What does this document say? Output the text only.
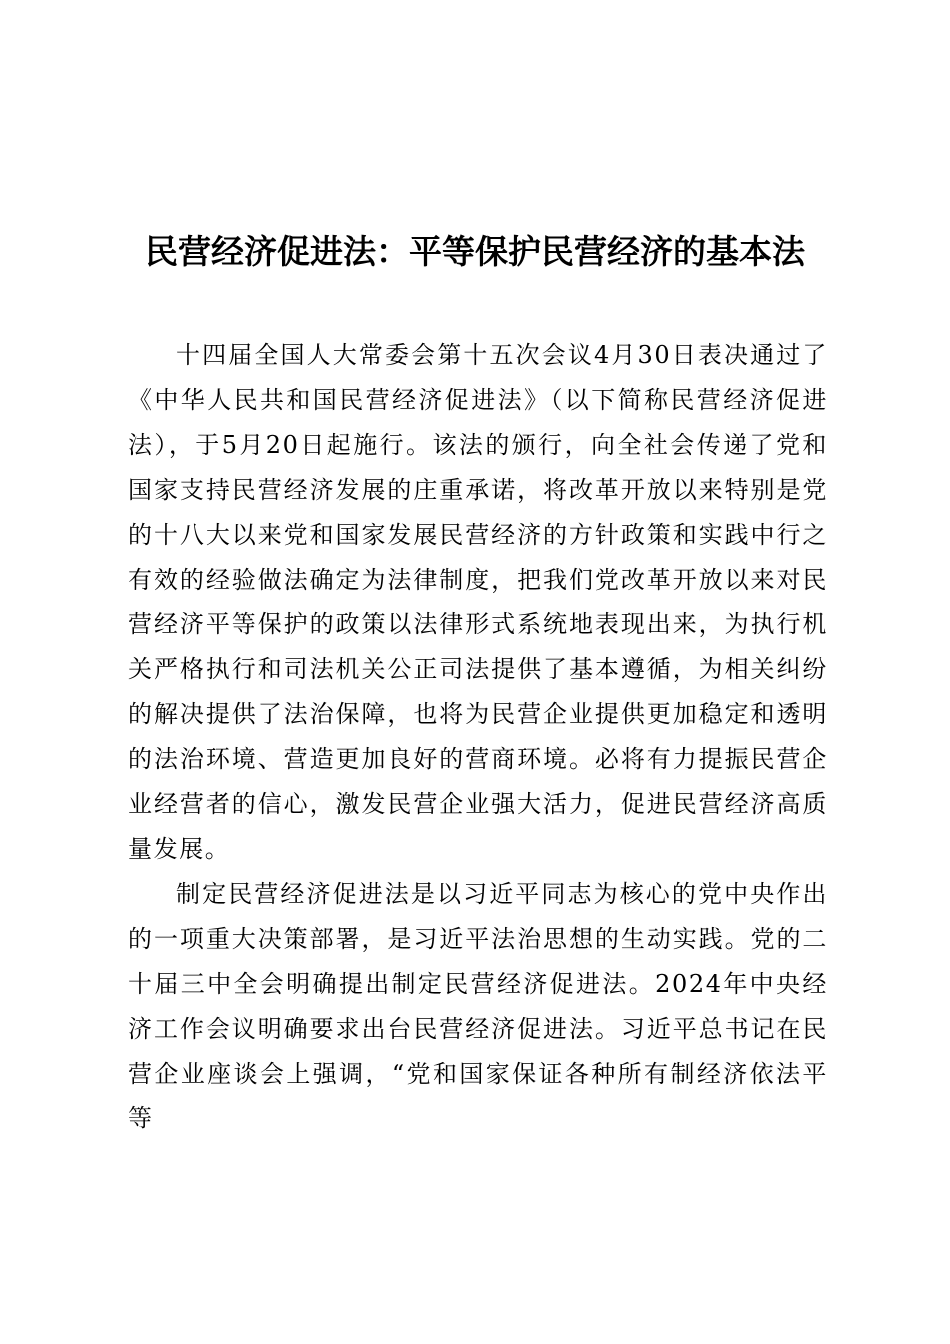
民营经济促进法：平等保护民营经济的基本法

十四届全国人大常委会第十五次会议4月30日表决通过了《中华人民共和国民营经济促进法》（以下简称民营经济促进法），于5月20日起施行。该法的颁行，向全社会传递了党和国家支持民营经济发展的庄重承诺，将改革开放以来特别是党的十八大以来党和国家发展民营经济的方针政策和实践中行之有效的经验做法确定为法律制度，把我们党改革开放以来对民营经济平等保护的政策以法律形式系统地表现出来，为执行机关严格执行和司法机关公正司法提供了基本遵循，为相关纠纷的解决提供了法治保障，也将为民营企业提供更加稳定和透明的法治环境、营造更加良好的营商环境。必将有力提振民营企业经营者的信心，激发民营企业强大活力，促进民营经济高质量发展。

制定民营经济促进法是以习近平同志为核心的党中央作出的一项重大决策部署，是习近平法治思想的生动实践。党的二十届三中全会明确提出制定民营经济促进法。2024年中央经济工作会议明确要求出台民营经济促进法。习近平总书记在民营企业座谈会上强调，“党和国家保证各种所有制经济依法平等
